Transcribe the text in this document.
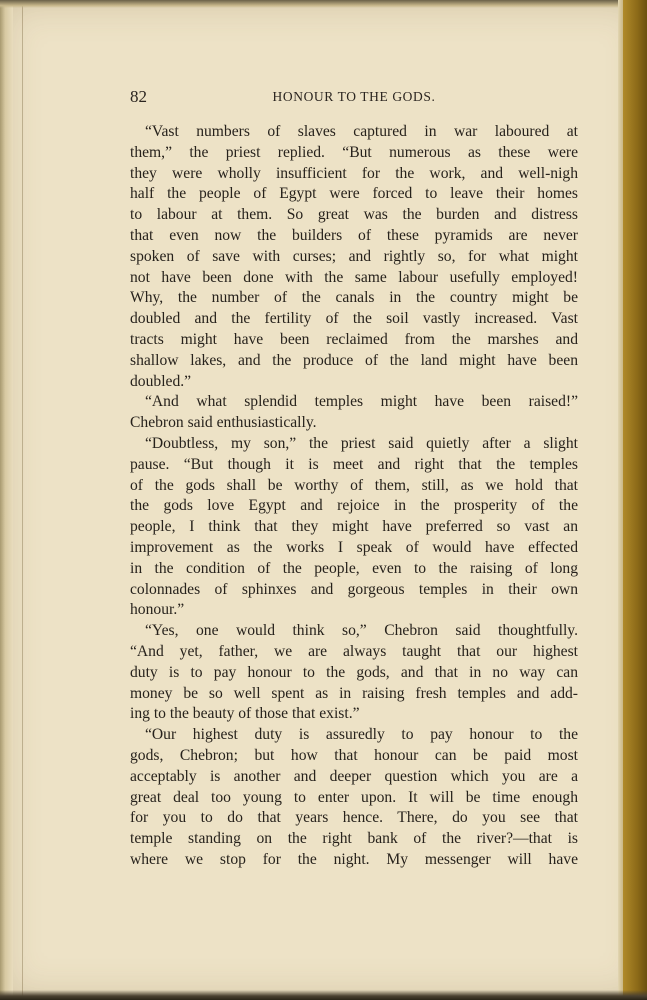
82	HONOUR TO THE GODS.
“Vast numbers of slaves captured in war laboured at
them,” the priest replied. “But numerous as these were
they were wholly insufficient for the work, and well-nigh
half the people of Egypt were forced to leave their homes
to labour at them. So great was the burden and distress
that even now the builders of these pyramids are never
spoken of save with curses; and rightly so, for what might
not have been done with the same labour usefully employed!
Why, the number of the canals in the country might be
doubled and the fertility of the soil vastly increased. Vast
tracts might have been reclaimed from the marshes and
shallow lakes, and the produce of the land might have been
doubled.”
“And what splendid temples might have been raised!”
Chebron said enthusiastically.
“Doubtless, my son,” the priest said quietly after a slight
pause. “But though it is meet and right that the temples
of the gods shall be worthy of them, still, as we hold that
the gods love Egypt and rejoice in the prosperity of the
people, I think that they might have preferred so vast an
improvement as the works I speak of would have effected
in the condition of the people, even to the raising of long
colonnades of sphinxes and gorgeous temples in their own
honour.”
“Yes, one would think so,” Chebron said thoughtfully.
“And yet, father, we are always taught that our highest
duty is to pay honour to the gods, and that in no way can
money be so well spent as in raising fresh temples and add-
ing to the beauty of those that exist.”
“Our highest duty is assuredly to pay honour to the
gods, Chebron; but how that honour can be paid most
acceptably is another and deeper question which you are a
great deal too young to enter upon. It will be time enough
for you to do that years hence. There, do you see that
temple standing on the right bank of the river?—that is
where we stop for the night. My messenger will have
